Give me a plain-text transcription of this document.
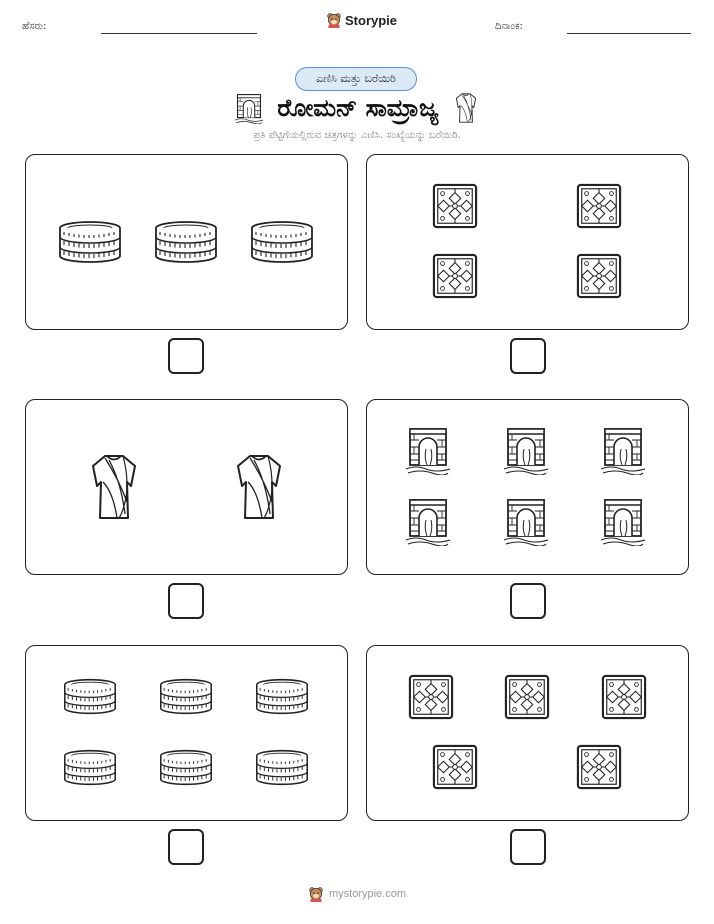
ಹೆಸರು:	Storypie	ದಿನಾಂಕ:
ಎಣಿಸಿ ಮತ್ತು ಬರೆಯಿರಿ
ರೋಮನ್ ಸಾಮ್ರಾಜ್ಯ
ಪ್ರತಿ ಪೆಟ್ಟಿಗೆಯಲ್ಲಿರುವ ಚಿತ್ರಗಳನ್ನು ಎಣಿಸಿ. ಸಂಖ್ಯೆಯನ್ನು ಬರೆಯಿರಿ.
mystorypie.com
